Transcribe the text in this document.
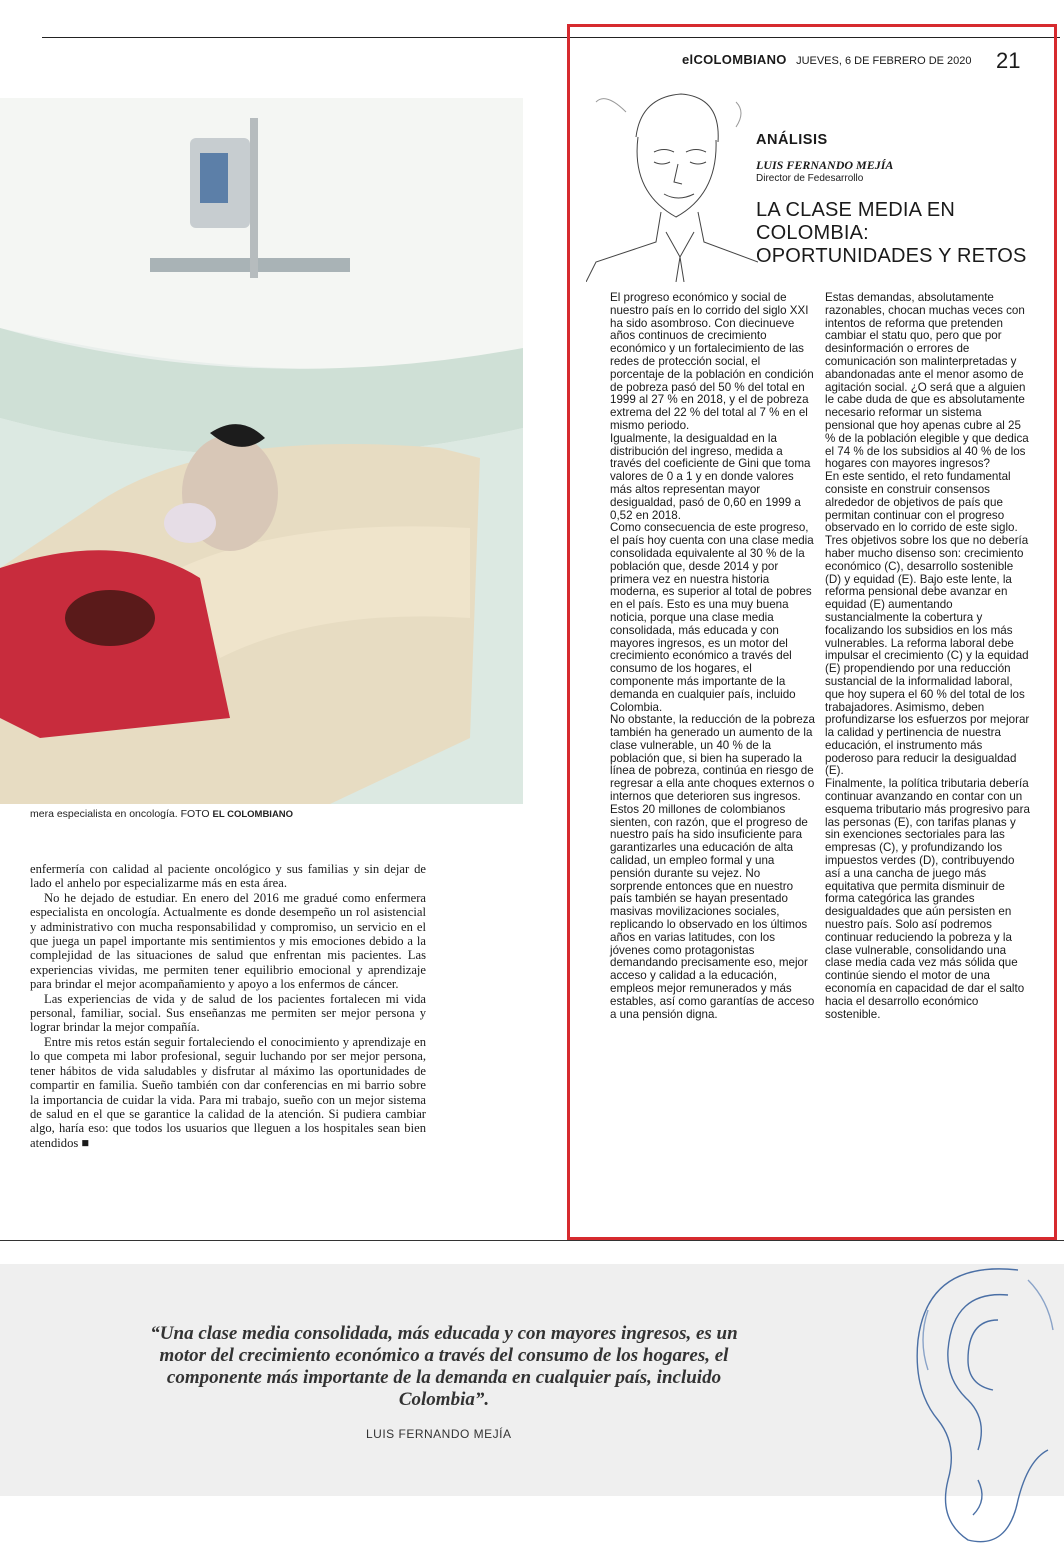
mera especialista en oncología. FOTO EL COLOMBIANO

enfermería con calidad al paciente oncológico y sus familias y sin dejar de lado el anhelo por especializarme más en esta área.

No he dejado de estudiar. En enero del 2016 me gradué como enfermera especialista en oncología. Actualmente es donde desempeño un rol asistencial y administrativo con mucha responsabilidad y compromiso, un servicio en el que juega un papel importante mis sentimientos y mis emociones debido a la complejidad de las situaciones de salud que enfrentan mis pacientes. Las experiencias vividas, me permiten tener equilibrio emocional y aprendizaje para brindar el mejor acompañamiento y apoyo a los enfermos de cáncer.

Las experiencias de vida y de salud de los pacientes fortalecen mi vida personal, familiar, social. Sus enseñanzas me permiten ser mejor persona y lograr brindar la mejor compañía.

Entre mis retos están seguir fortaleciendo el conocimiento y aprendizaje en lo que competa mi labor profesional, seguir luchando por ser mejor persona, tener hábitos de vida saludables y disfrutar al máximo las oportunidades de compartir en familia. Sueño también con dar conferencias en mi barrio sobre la importancia de cuidar la vida. Para mi trabajo, sueño con un mejor sistema de salud en el que se garantice la calidad de la atención. Si pudiera cambiar algo, haría eso: que todos los usuarios que lleguen a los hospitales sean bien atendidos ■

elCOLOMBIANO JUEVES, 6 DE FEBRERO DE 2020 21
ANÁLISIS
LUIS FERNANDO MEJÍA
Director de Fedesarrollo
LA CLASE MEDIA EN COLOMBIA: OPORTUNIDADES Y RETOS

El progreso económico y social de nuestro país en lo corrido del siglo XXI ha sido asombroso. Con diecinueve años continuos de crecimiento económico y un fortalecimiento de las redes de protección social, el porcentaje de la población en condición de pobreza pasó del 50 % del total en 1999 al 27 % en 2018, y el de pobreza extrema del 22 % del total al 7 % en el mismo periodo.

Igualmente, la desigualdad en la distribución del ingreso, medida a través del coeficiente de Gini que toma valores de 0 a 1 y en donde valores más altos representan mayor desigualdad, pasó de 0,60 en 1999 a 0,52 en 2018.

Como consecuencia de este progreso, el país hoy cuenta con una clase media consolidada equivalente al 30 % de la población que, desde 2014 y por primera vez en nuestra historia moderna, es superior al total de pobres en el país. Esto es una muy buena noticia, porque una clase media consolidada, más educada y con mayores ingresos, es un motor del crecimiento económico a través del consumo de los hogares, el componente más importante de la demanda en cualquier país, incluido Colombia.

No obstante, la reducción de la pobreza también ha generado un aumento de la clase vulnerable, un 40 % de la población que, si bien ha superado la línea de pobreza, continúa en riesgo de regresar a ella ante choques externos o internos que deterioren sus ingresos. Estos 20 millones de colombianos sienten, con razón, que el progreso de nuestro país ha sido insuficiente para garantizarles una educación de alta calidad, un empleo formal y una pensión durante su vejez. No sorprende entonces que en nuestro país también se hayan presentado masivas movilizaciones sociales, replicando lo observado en los últimos años en varias latitudes, con los jóvenes como protagonistas demandando precisamente eso, mejor acceso y calidad a la educación, empleos mejor remunerados y más estables, así como garantías de acceso a una pensión digna.

Estas demandas, absolutamente razonables, chocan muchas veces con intentos de reforma que pretenden cambiar el statu quo, pero que por desinformación o errores de comunicación son malinterpretadas y abandonadas ante el menor asomo de agitación social. ¿O será que a alguien le cabe duda de que es absolutamente necesario reformar un sistema pensional que hoy apenas cubre al 25 % de la población elegible y que dedica el 74 % de los subsidios al 40 % de los hogares con mayores ingresos?

En este sentido, el reto fundamental consiste en construir consensos alrededor de objetivos de país que permitan continuar con el progreso observado en lo corrido de este siglo. Tres objetivos sobre los que no debería haber mucho disenso son: crecimiento económico (C), desarrollo sostenible (D) y equidad (E). Bajo este lente, la reforma pensional debe avanzar en equidad (E) aumentando sustancialmente la cobertura y focalizando los subsidios en los más vulnerables. La reforma laboral debe impulsar el crecimiento (C) y la equidad (E) propendiendo por una reducción sustancial de la informalidad laboral, que hoy supera el 60 % del total de los trabajadores. Asimismo, deben profundizarse los esfuerzos por mejorar la calidad y pertinencia de nuestra educación, el instrumento más poderoso para reducir la desigualdad (E).

Finalmente, la política tributaria debería continuar avanzando en contar con un esquema tributario más progresivo para las personas (E), con tarifas planas y sin exenciones sectoriales para las empresas (C), y profundizando los impuestos verdes (D), contribuyendo así a una cancha de juego más equitativa que permita disminuir de forma categórica las grandes desigualdades que aún persisten en nuestro país. Solo así podremos continuar reduciendo la pobreza y la clase vulnerable, consolidando una clase media cada vez más sólida que continúe siendo el motor de una economía en capacidad de dar el salto hacia el desarrollo económico sostenible.

“Una clase media consolidada, más educada y con mayores ingresos, es un motor del crecimiento económico a través del consumo de los hogares, el componente más importante de la demanda en cualquier país, incluido Colombia”.
LUIS FERNANDO MEJÍA
